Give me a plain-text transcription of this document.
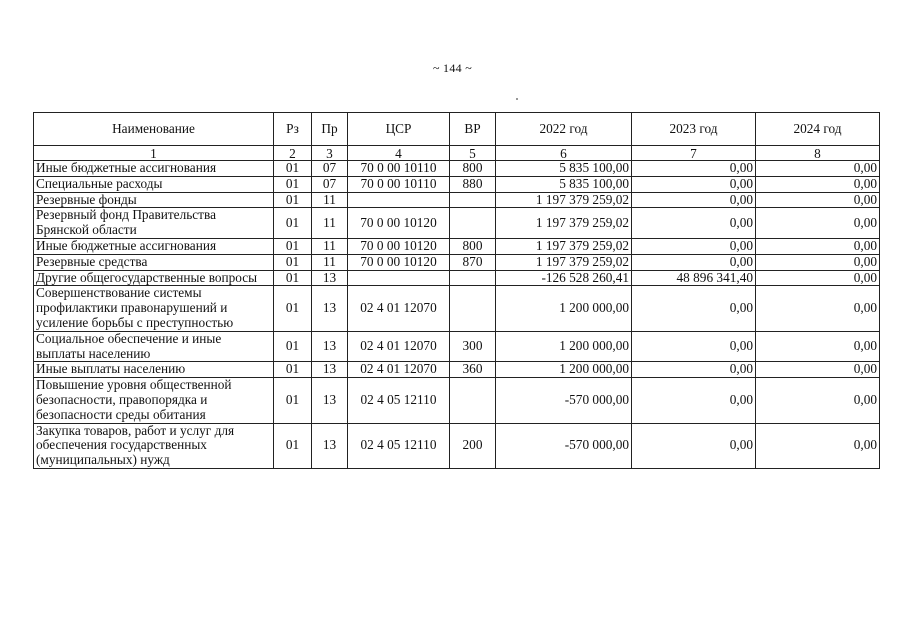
~ 144 ~
Наименование	Рз	Пр	ЦСР	ВР	2022 год	2023 год	2024 год
1	2	3	4	5	6	7	8
Иные бюджетные ассигнования	01	07	70 0 00 10110	800	5 835 100,00	0,00	0,00
Специальные расходы	01	07	70 0 00 10110	880	5 835 100,00	0,00	0,00
Резервные фонды	01	11			1 197 379 259,02	0,00	0,00
Резервный фонд Правительства Брянской области	01	11	70 0 00 10120		1 197 379 259,02	0,00	0,00
Иные бюджетные ассигнования	01	11	70 0 00 10120	800	1 197 379 259,02	0,00	0,00
Резервные средства	01	11	70 0 00 10120	870	1 197 379 259,02	0,00	0,00
Другие общегосударственные вопросы	01	13			-126 528 260,41	48 896 341,40	0,00
Совершенствование системы профилактики правонарушений и усиление борьбы с преступностью	01	13	02 4 01 12070		1 200 000,00	0,00	0,00
Социальное обеспечение и иные выплаты населению	01	13	02 4 01 12070	300	1 200 000,00	0,00	0,00
Иные выплаты населению	01	13	02 4 01 12070	360	1 200 000,00	0,00	0,00
Повышение уровня общественной безопасности, правопорядка и безопасности среды обитания	01	13	02 4 05 12110		-570 000,00	0,00	0,00
Закупка товаров, работ и услуг для обеспечения государственных (муниципальных) нужд	01	13	02 4 05 12110	200	-570 000,00	0,00	0,00
